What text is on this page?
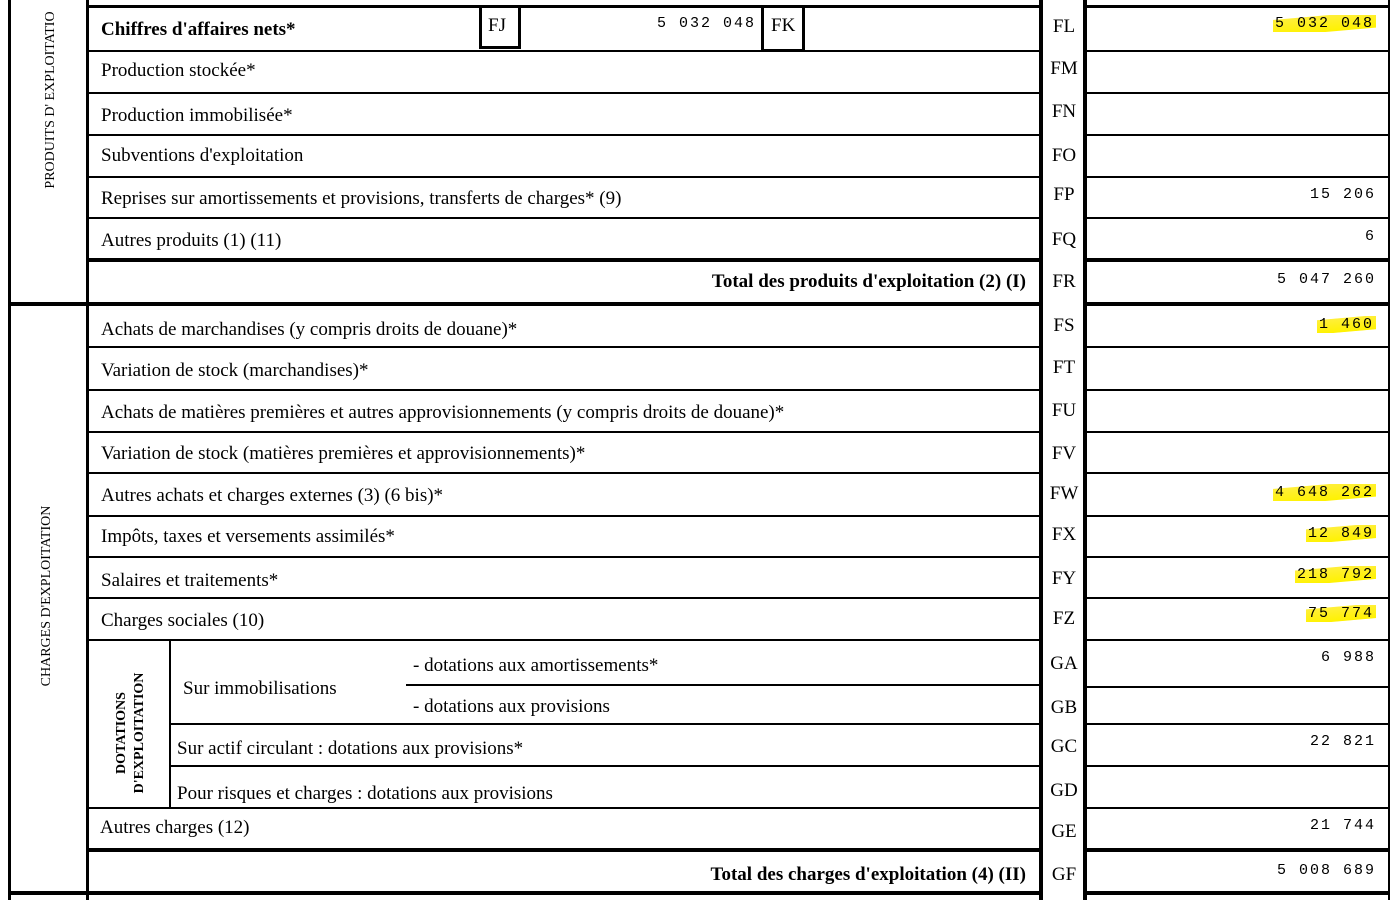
PRODUITS D' EXPLOITATIO
CHARGES D'EXPLOITATION
DOTATIONS D'EXPLOITATION
Chiffres d'affaires nets*	FJ	5 032 048 FK	FL	5 032 048
Production stockée*	FM
Production immobilisée*	FN
Subventions d'exploitation	FO
Reprises sur amortissements et provisions, transferts de charges* (9)	FP	15 206
Autres produits (1) (11)	FQ	6
Total des produits d'exploitation (2) (I)	FR	5 047 260
Achats de marchandises (y compris droits de douane)*	FS	1 460
Variation de stock (marchandises)*	FT
Achats de matières premières et autres approvisionnements (y compris droits de douane)*	FU
Variation de stock (matières premières et approvisionnements)*	FV
Autres achats et charges externes (3) (6 bis)*	FW	4 648 262
Impôts, taxes et versements assimilés*	FX	12 849
Salaires et traitements*	FY	218 792
Charges sociales (10)	FZ	75 774
Sur immobilisations
- dotations aux amortissements*	GA	6 988
- dotations aux provisions	GB
Sur actif circulant : dotations aux provisions*	GC	22 821
Pour risques et charges : dotations aux provisions	GD
Autres charges (12)	GE	21 744
Total des charges d'exploitation (4) (II)	GF	5 008 689
